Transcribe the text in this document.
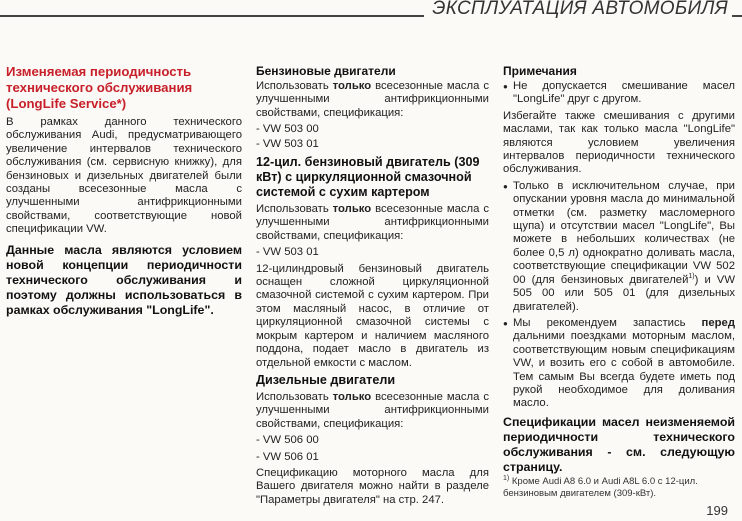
ЭКСПЛУАТАЦИЯ АВТОМОБИЛЯ
Изменяемая периодичность технического обслуживания (LongLife Service*)

В рамках данного технического обслуживания Audi, предусматривающего увеличение интервалов технического обслуживания (см. сервисную книжку), для бензиновых и дизельных двигателей были созданы всесезонные масла с улучшенными антифрикционными свойствами, соответствующие новой спецификации VW.

Данные масла являются условием новой концепции периодичности технического обслуживания и поэтому должны использоваться в рамках обслуживания "LongLife".
Бензиновые двигатели

Использовать только всесезонные масла с улучшенными антифрикционными свойствами, спецификация:

- VW 503 00
- VW 503 01
12-цил. бензиновый двигатель (309 кВт) с циркуляционной смазочной системой с сухим картером

Использовать только всесезонные масла с улучшенными антифрикционными свойствами, спецификация:

- VW 503 01

12-цилиндровый бензиновый двигатель оснащен сложной циркуляционной смазочной системой с сухим картером. При этом масляный насос, в отличие от циркуляционной смазочной системы с мокрым картером и наличием масляного поддона, подает масло в двигатель из отдельной емкости с маслом.

Дизельные двигатели

Использовать только всесезонные масла с улучшенными антифрикционными свойствами, спецификация:

- VW 506 00
- VW 506 01

Спецификацию моторного масла для Вашего двигателя можно найти в разделе "Параметры двигателя" на стр. 247.

Примечания

● Не допускается смешивание масел "LongLife" друг с другом.

Избегайте также смешивания с другими маслами, так как только масла "LongLife" являются условием увеличения интервалов периодичности технического обслуживания.

● Только в исключительном случае, при опускании уровня масла до минимальной отметки (см. разметку масломерного щупа) и отсутствии масел "LongLife", Вы можете в небольших количествах (не более 0,5 л) однократно доливать масла, соответствующие спецификации VW 502 00 (для бензиновых двигателей$^{1)}$) и VW 505 00 или 505 01 (для дизельных двигателей).

● Мы рекомендуем запастись перед дальними поездками моторным маслом, соответствующим новым спецификациям VW, и возить его с собой в автомобиле. Тем самым Вы всегда будете иметь под рукой необходимое для доливания масло.

Спецификации масел неизменяемой периодичности технического обслуживания - см. следующую страницу.
$^{1)}$ Кроме Audi A8 6.0 и Audi A8L 6.0 с 12-цил. бензиновым двигателем (309-кВт).
199
